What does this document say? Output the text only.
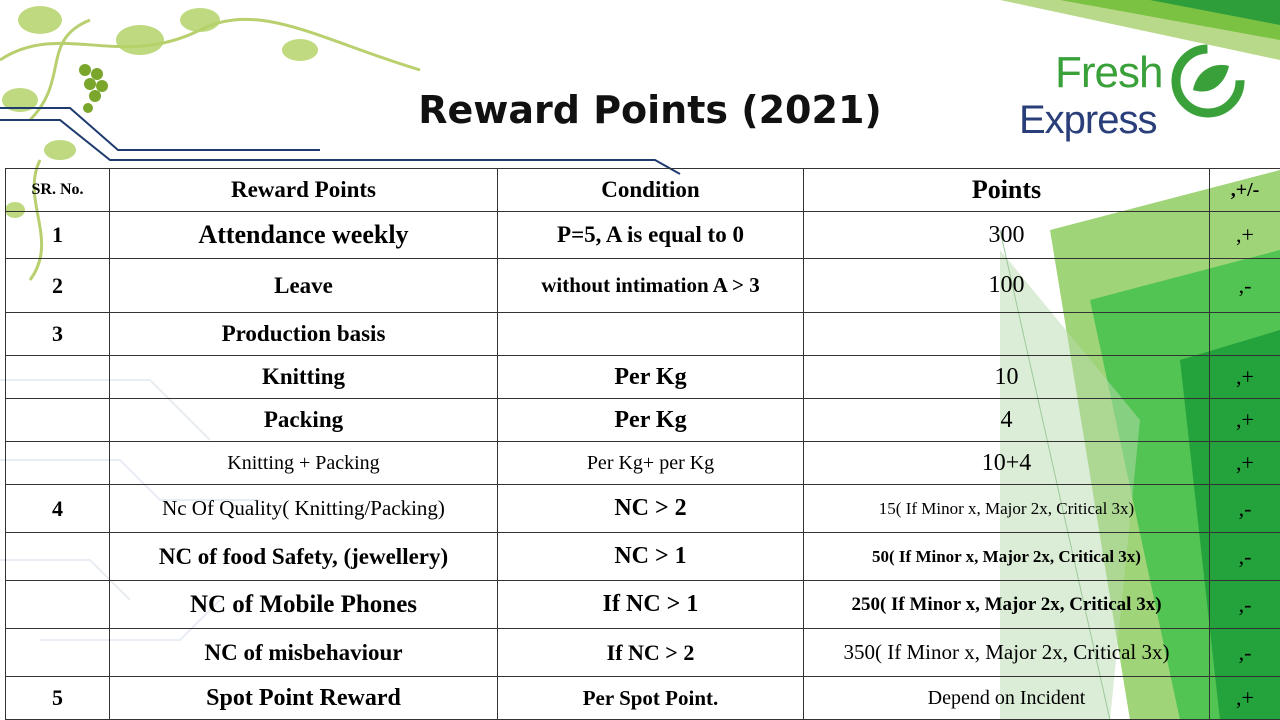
Reward Points (2021)
Fresh
Express
SR. No.	Reward Points	Condition	Points	,+/-
1	Attendance weekly	P=5, A is equal to 0	300	,+
2	Leave	without intimation A > 3	100	,-
3	Production basis			
	Knitting	Per Kg	10	,+
	Packing	Per Kg	4	,+
	Knitting + Packing	Per Kg+ per Kg	10+4	,+
4	Nc Of Quality( Knitting/Packing)	NC > 2	15( If Minor x, Major 2x, Critical 3x)	,-
	NC of food Safety, (jewellery)	NC > 1	50( If Minor x, Major 2x, Critical 3x)	,-
	NC of Mobile Phones	If NC > 1	250( If Minor x, Major 2x, Critical 3x)	,-
	NC of misbehaviour	If NC > 2	350( If Minor x, Major 2x, Critical 3x)	,-
5	Spot Point Reward	Per Spot Point.	Depend on Incident	,+
